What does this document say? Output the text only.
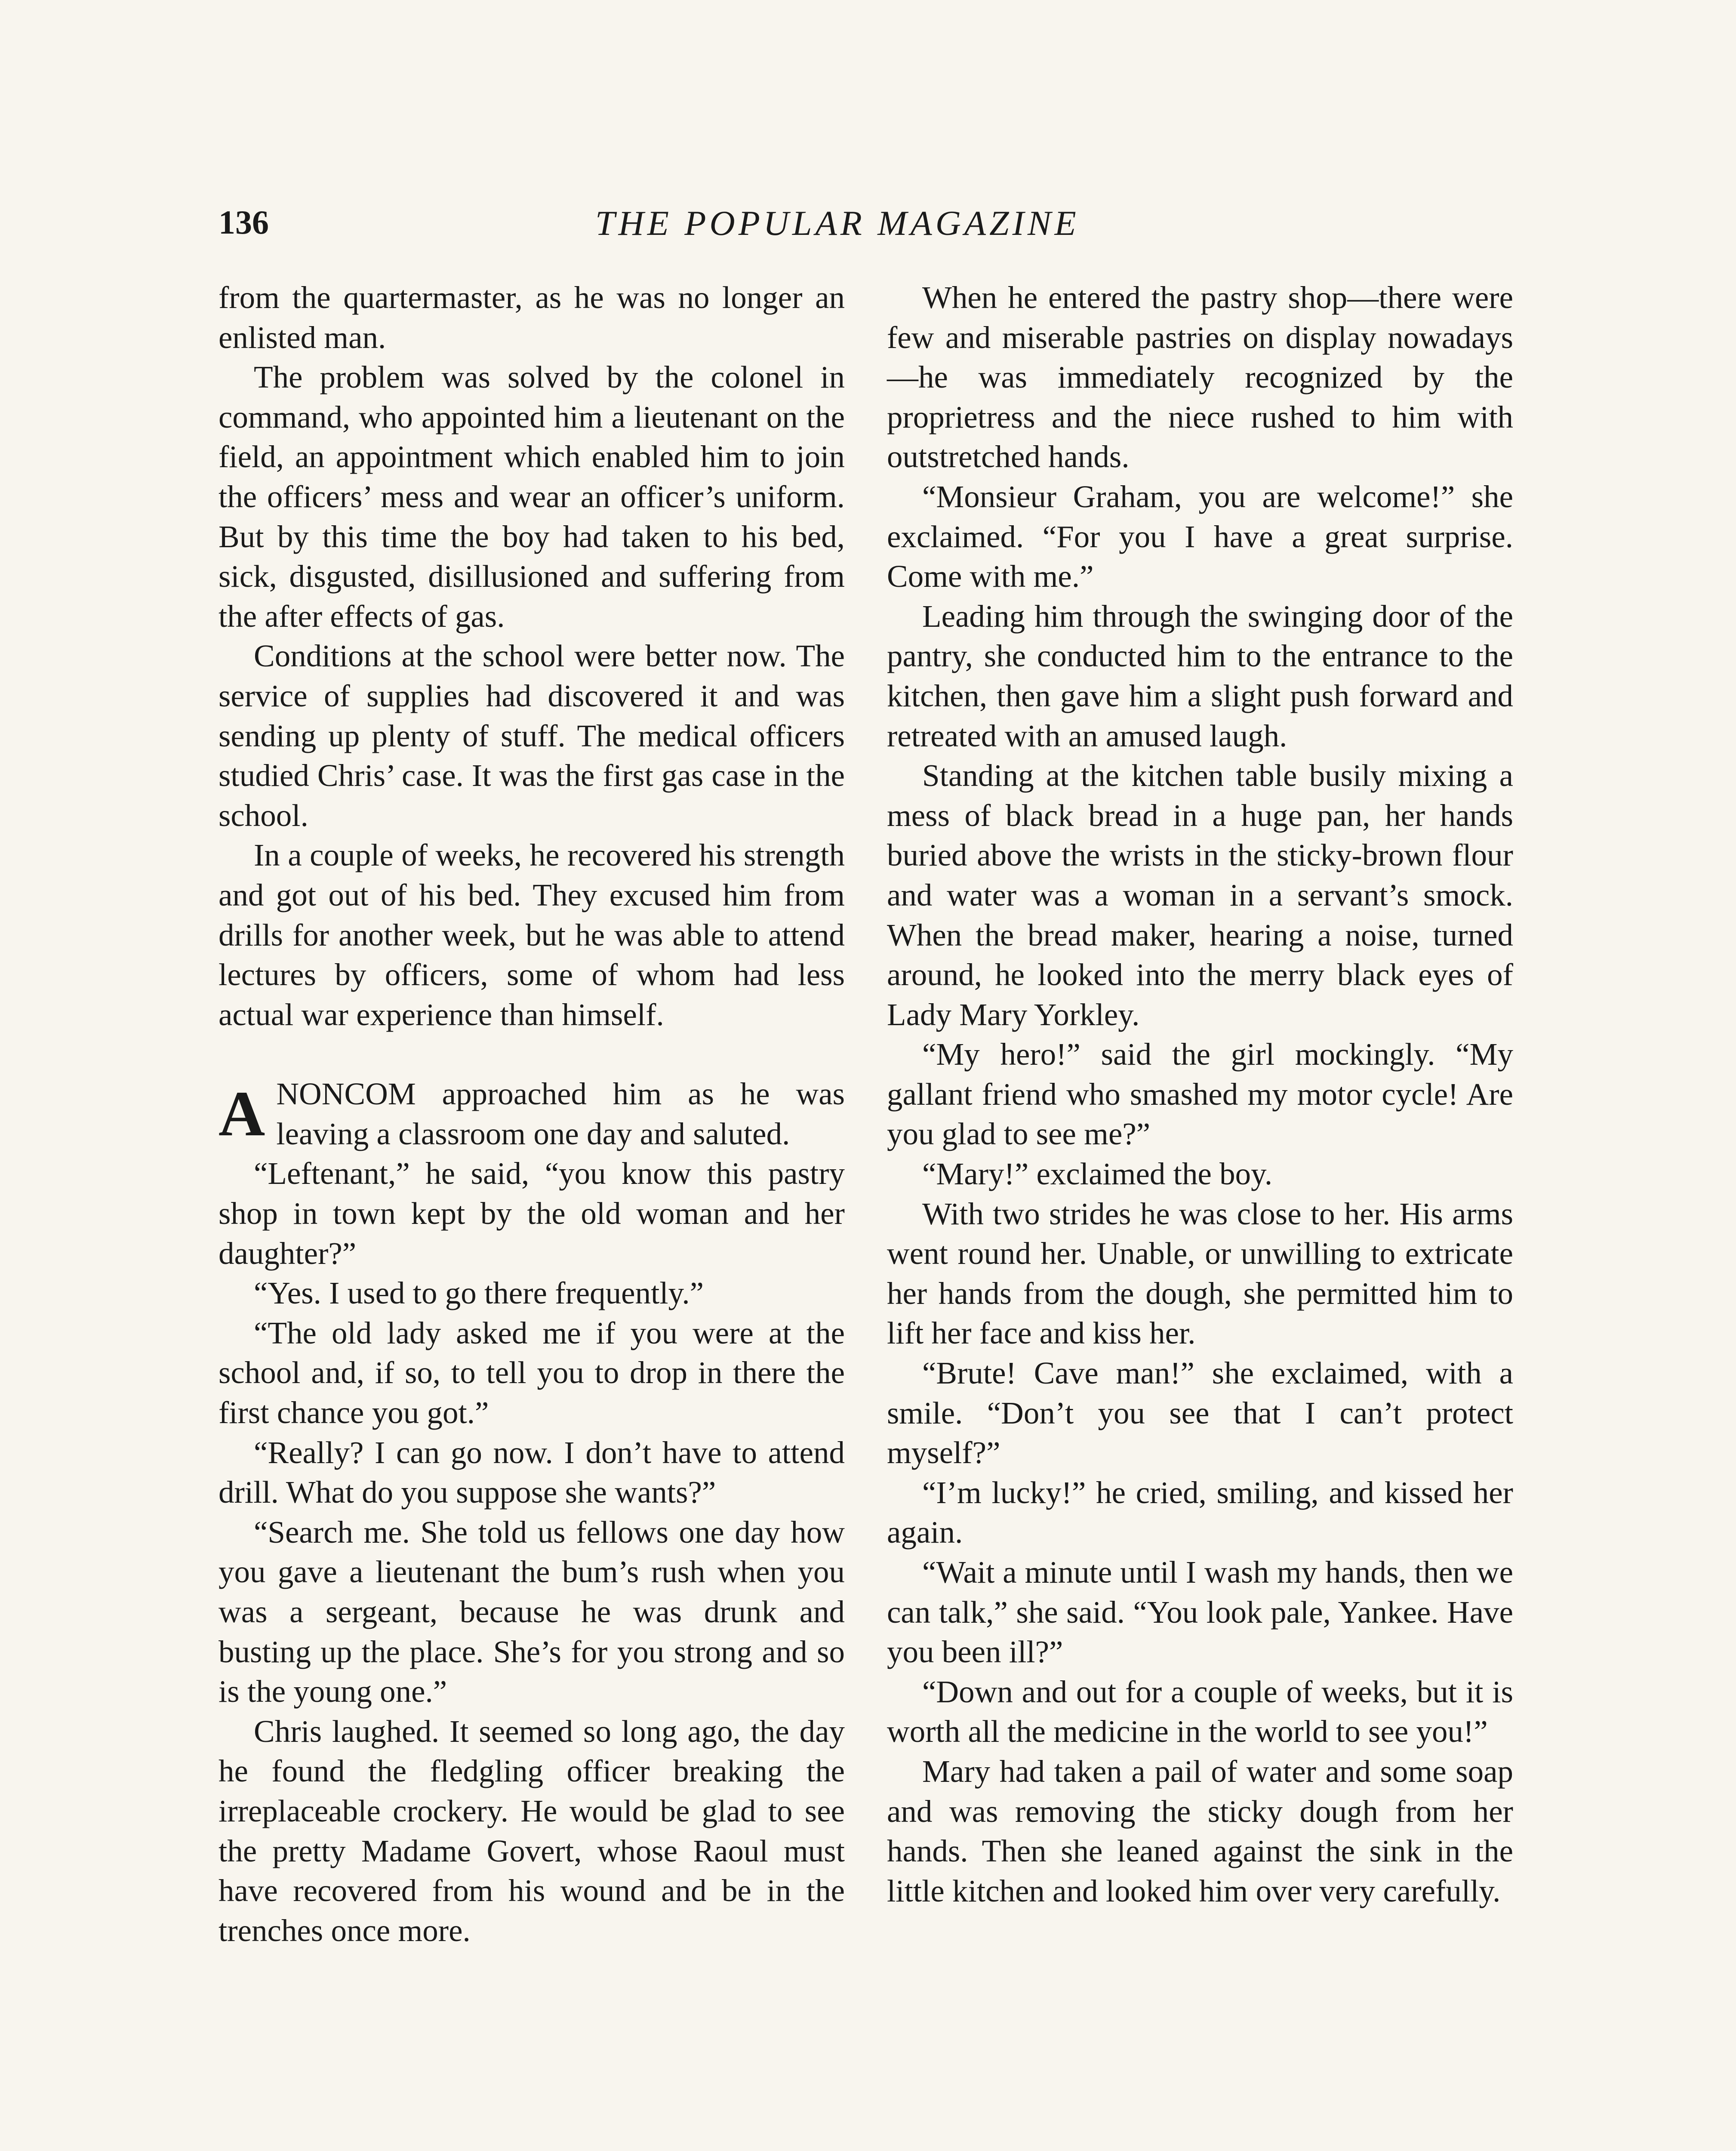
136	THE POPULAR MAGAZINE

from the quartermaster, as he was no longer an enlisted man.

The problem was solved by the colonel in command, who appointed him a lieutenant on the field, an appointment which enabled him to join the officers’ mess and wear an officer’s uniform. But by this time the boy had taken to his bed, sick, disgusted, disillusioned and suffering from the after effects of gas.

Conditions at the school were better now. The service of supplies had discovered it and was sending up plenty of stuff. The medical officers studied Chris’ case. It was the first gas case in the school.

In a couple of weeks, he recovered his strength and got out of his bed. They excused him from drills for another week, but he was able to attend lectures by officers, some of whom had less actual war experience than himself.

ANONCOM approached him as he was leaving a classroom one day and saluted.

“Leftenant,” he said, “you know this pastry shop in town kept by the old woman and her daughter?”

“Yes. I used to go there frequently.”

“The old lady asked me if you were at the school and, if so, to tell you to drop in there the first chance you got.”

“Really? I can go now. I don’t have to attend drill. What do you suppose she wants?”

“Search me. She told us fellows one day how you gave a lieutenant the bum’s rush when you was a sergeant, because he was drunk and busting up the place. She’s for you strong and so is the young one.”

Chris laughed. It seemed so long ago, the day he found the fledgling officer breaking the irreplaceable crockery. He would be glad to see the pretty Madame Govert, whose Raoul must have recovered from his wound and be in the trenches once more.

When he entered the pastry shop—there were few and miserable pastries on display nowadays—he was immediately recognized by the proprietress and the niece rushed to him with outstretched hands.

“Monsieur Graham, you are welcome!” she exclaimed. “For you I have a great surprise. Come with me.”

Leading him through the swinging door of the pantry, she conducted him to the entrance to the kitchen, then gave him a slight push forward and retreated with an amused laugh.

Standing at the kitchen table busily mixing a mess of black bread in a huge pan, her hands buried above the wrists in the sticky-brown flour and water was a woman in a servant’s smock. When the bread maker, hearing a noise, turned around, he looked into the merry black eyes of Lady Mary Yorkley.

“My hero!” said the girl mockingly. “My gallant friend who smashed my motor cycle! Are you glad to see me?”

“Mary!” exclaimed the boy.

With two strides he was close to her. His arms went round her. Unable, or unwilling to extricate her hands from the dough, she permitted him to lift her face and kiss her.

“Brute! Cave man!” she exclaimed, with a smile. “Don’t you see that I can’t protect myself?”

“I’m lucky!” he cried, smiling, and kissed her again.

“Wait a minute until I wash my hands, then we can talk,” she said. “You look pale, Yankee. Have you been ill?”

“Down and out for a couple of weeks, but it is worth all the medicine in the world to see you!”

Mary had taken a pail of water and some soap and was removing the sticky dough from her hands. Then she leaned against the sink in the little kitchen and looked him over very carefully.
